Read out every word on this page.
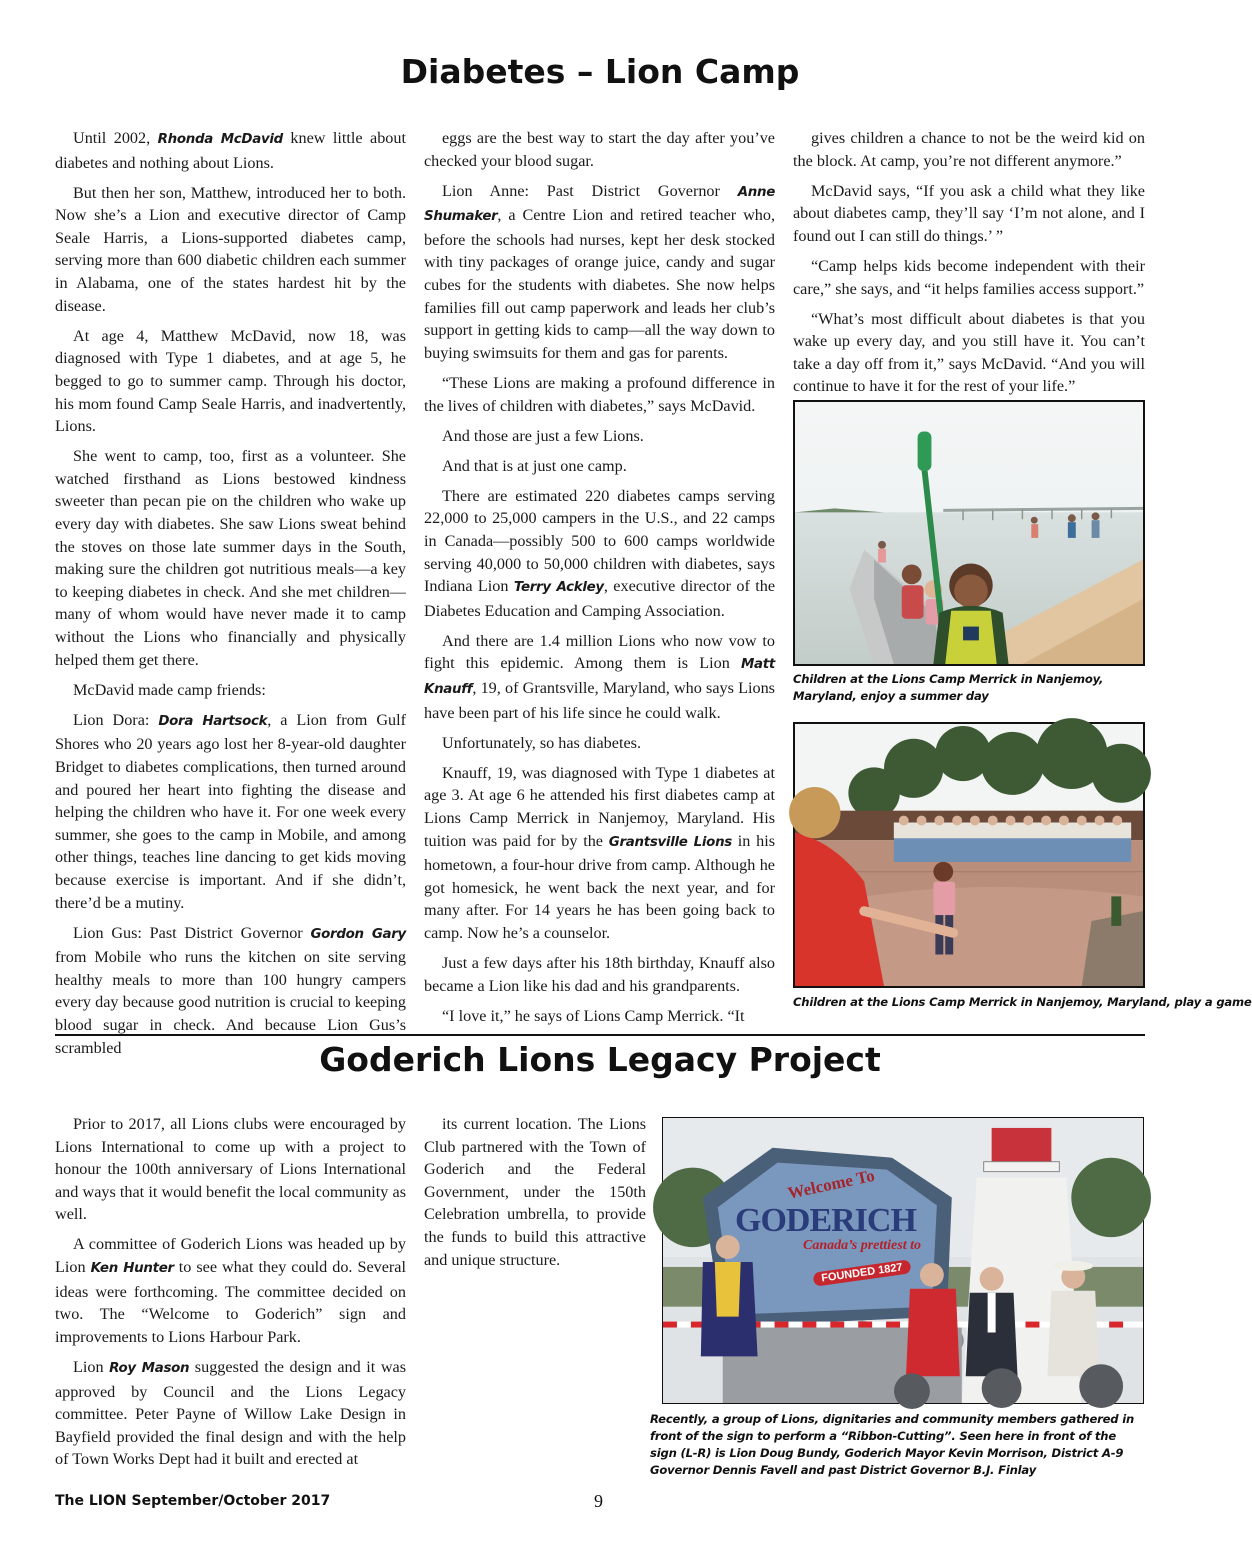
Diabetes – Lion Camp

Until 2002, Rhonda McDavid knew little about diabetes and nothing about Lions.

But then her son, Matthew, introduced her to both. Now she’s a Lion and executive director of Camp Seale Harris, a Lions-supported diabetes camp, serving more than 600 diabetic children each summer in Alabama, one of the states hardest hit by the disease.

At age 4, Matthew McDavid, now 18, was diagnosed with Type 1 diabetes, and at age 5, he begged to go to summer camp. Through his doctor, his mom found Camp Seale Harris, and inadvertently, Lions.

She went to camp, too, first as a volunteer. She watched firsthand as Lions bestowed kindness sweeter than pecan pie on the children who wake up every day with diabetes. She saw Lions sweat behind the stoves on those late summer days in the South, making sure the children got nutritious meals—a key to keeping diabetes in check. And she met children—many of whom would have never made it to camp without the Lions who financially and physically helped them get there.

McDavid made camp friends:

Lion Dora: Dora Hartsock, a Lion from Gulf Shores who 20 years ago lost her 8-year-old daughter Bridget to diabetes complications, then turned around and poured her heart into fighting the disease and helping the children who have it. For one week every summer, she goes to the camp in Mobile, and among other things, teaches line dancing to get kids moving because exercise is important. And if she didn’t, there’d be a mutiny.

Lion Gus: Past District Governor Gordon Gary from Mobile who runs the kitchen on site serving healthy meals to more than 100 hungry campers every day because good nutrition is crucial to keeping blood sugar in check. And because Lion Gus’s scrambled

eggs are the best way to start the day after you’ve checked your blood sugar.

Lion Anne: Past District Governor Anne Shumaker, a Centre Lion and retired teacher who, before the schools had nurses, kept her desk stocked with tiny packages of orange juice, candy and sugar cubes for the students with diabetes. She now helps families fill out camp paperwork and leads her club’s support in getting kids to camp—all the way down to buying swimsuits for them and gas for parents.

“These Lions are making a profound difference in the lives of children with diabetes,” says McDavid.

And those are just a few Lions.

And that is at just one camp.

There are estimated 220 diabetes camps serving 22,000 to 25,000 campers in the U.S., and 22 camps in Canada—possibly 500 to 600 camps worldwide serving 40,000 to 50,000 children with diabetes, says Indiana Lion Terry Ackley, executive director of the Diabetes Education and Camping Association.

And there are 1.4 million Lions who now vow to fight this epidemic. Among them is Lion Matt Knauff, 19, of Grantsville, Maryland, who says Lions have been part of his life since he could walk.

Unfortunately, so has diabetes.

Knauff, 19, was diagnosed with Type 1 diabetes at age 3. At age 6 he attended his first diabetes camp at Lions Camp Merrick in Nanjemoy, Maryland. His tuition was paid for by the Grantsville Lions in his hometown, a four-hour drive from camp. Although he got homesick, he went back the next year, and for many after. For 14 years he has been going back to camp. Now he’s a counselor.

Just a few days after his 18th birthday, Knauff also became a Lion like his dad and his grandparents.

“I love it,” he says of Lions Camp Merrick. “It

gives children a chance to not be the weird kid on the block. At camp, you’re not different anymore.”

McDavid says, “If you ask a child what they like about diabetes camp, they’ll say ‘I’m not alone, and I found out I can still do things.’ ”

“Camp helps kids become independent with their care,” she says, and “it helps families access support.”

“What’s most difficult about diabetes is that you wake up every day, and you still have it. You can’t take a day off from it,” says McDavid. “And you will continue to have it for the rest of your life.”

Children at the Lions Camp Merrick in Nanjemoy, Maryland, enjoy a summer day
Children at the Lions Camp Merrick in Nanjemoy, Maryland, play a game
Goderich Lions Legacy Project

Prior to 2017, all Lions clubs were encouraged by Lions International to come up with a project to honour the 100th anniversary of Lions International and ways that it would benefit the local community as well.

A committee of Goderich Lions was headed up by Lion Ken Hunter to see what they could do. Several ideas were forthcoming. The committee decided on two. The “Welcome to Goderich” sign and improvements to Lions Harbour Park.

Lion Roy Mason suggested the design and it was approved by Council and the Lions Legacy committee. Peter Payne of Willow Lake Design in Bayfield provided the final design and with the help of Town Works Dept had it built and erected at

its current location. The Lions Club partnered with the Town of Goderich and the Federal Government, under the 150th Celebration umbrella, to provide the funds to build this attractive and unique structure.

Welcome To
GODERICH
Canada’s prettiest to
FOUNDED 1827
Recently, a group of Lions, dignitaries and community members gathered in front of the sign to perform a “Ribbon-Cutting”. Seen here in front of the sign (L-R) is Lion Doug Bundy, Goderich Mayor Kevin Morrison, District A-9 Governor Dennis Favell and past District Governor B.J. Finlay
The LION September/October 2017	9
